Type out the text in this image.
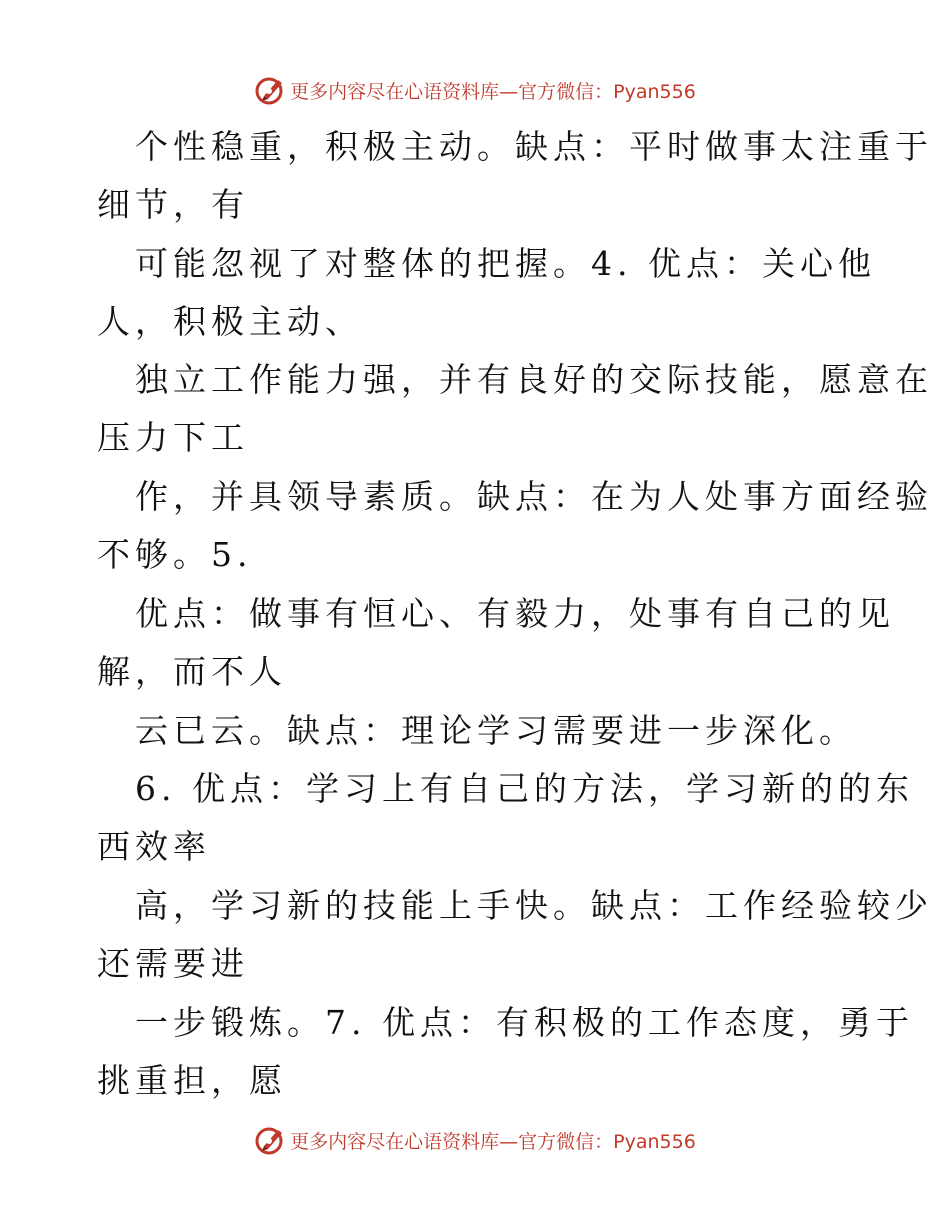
更多内容尽在心语资料库—官方微信：Pyan556
个性稳重，积极主动。缺点：平时做事太注重于
细节，有
可能忽视了对整体的把握。4. 优点：关心他
人，积极主动、
独立工作能力强，并有良好的交际技能，愿意在
压力下工
作，并具领导素质。缺点：在为人处事方面经验
不够。5.
优点：做事有恒心、有毅力，处事有自己的见
解，而不人
云已云。缺点：理论学习需要进一步深化。
6. 优点：学习上有自己的方法，学习新的的东
西效率
高，学习新的技能上手快。缺点：工作经验较少
还需要进
一步锻炼。7. 优点：有积极的工作态度，勇于
挑重担，愿
更多内容尽在心语资料库—官方微信：Pyan556
